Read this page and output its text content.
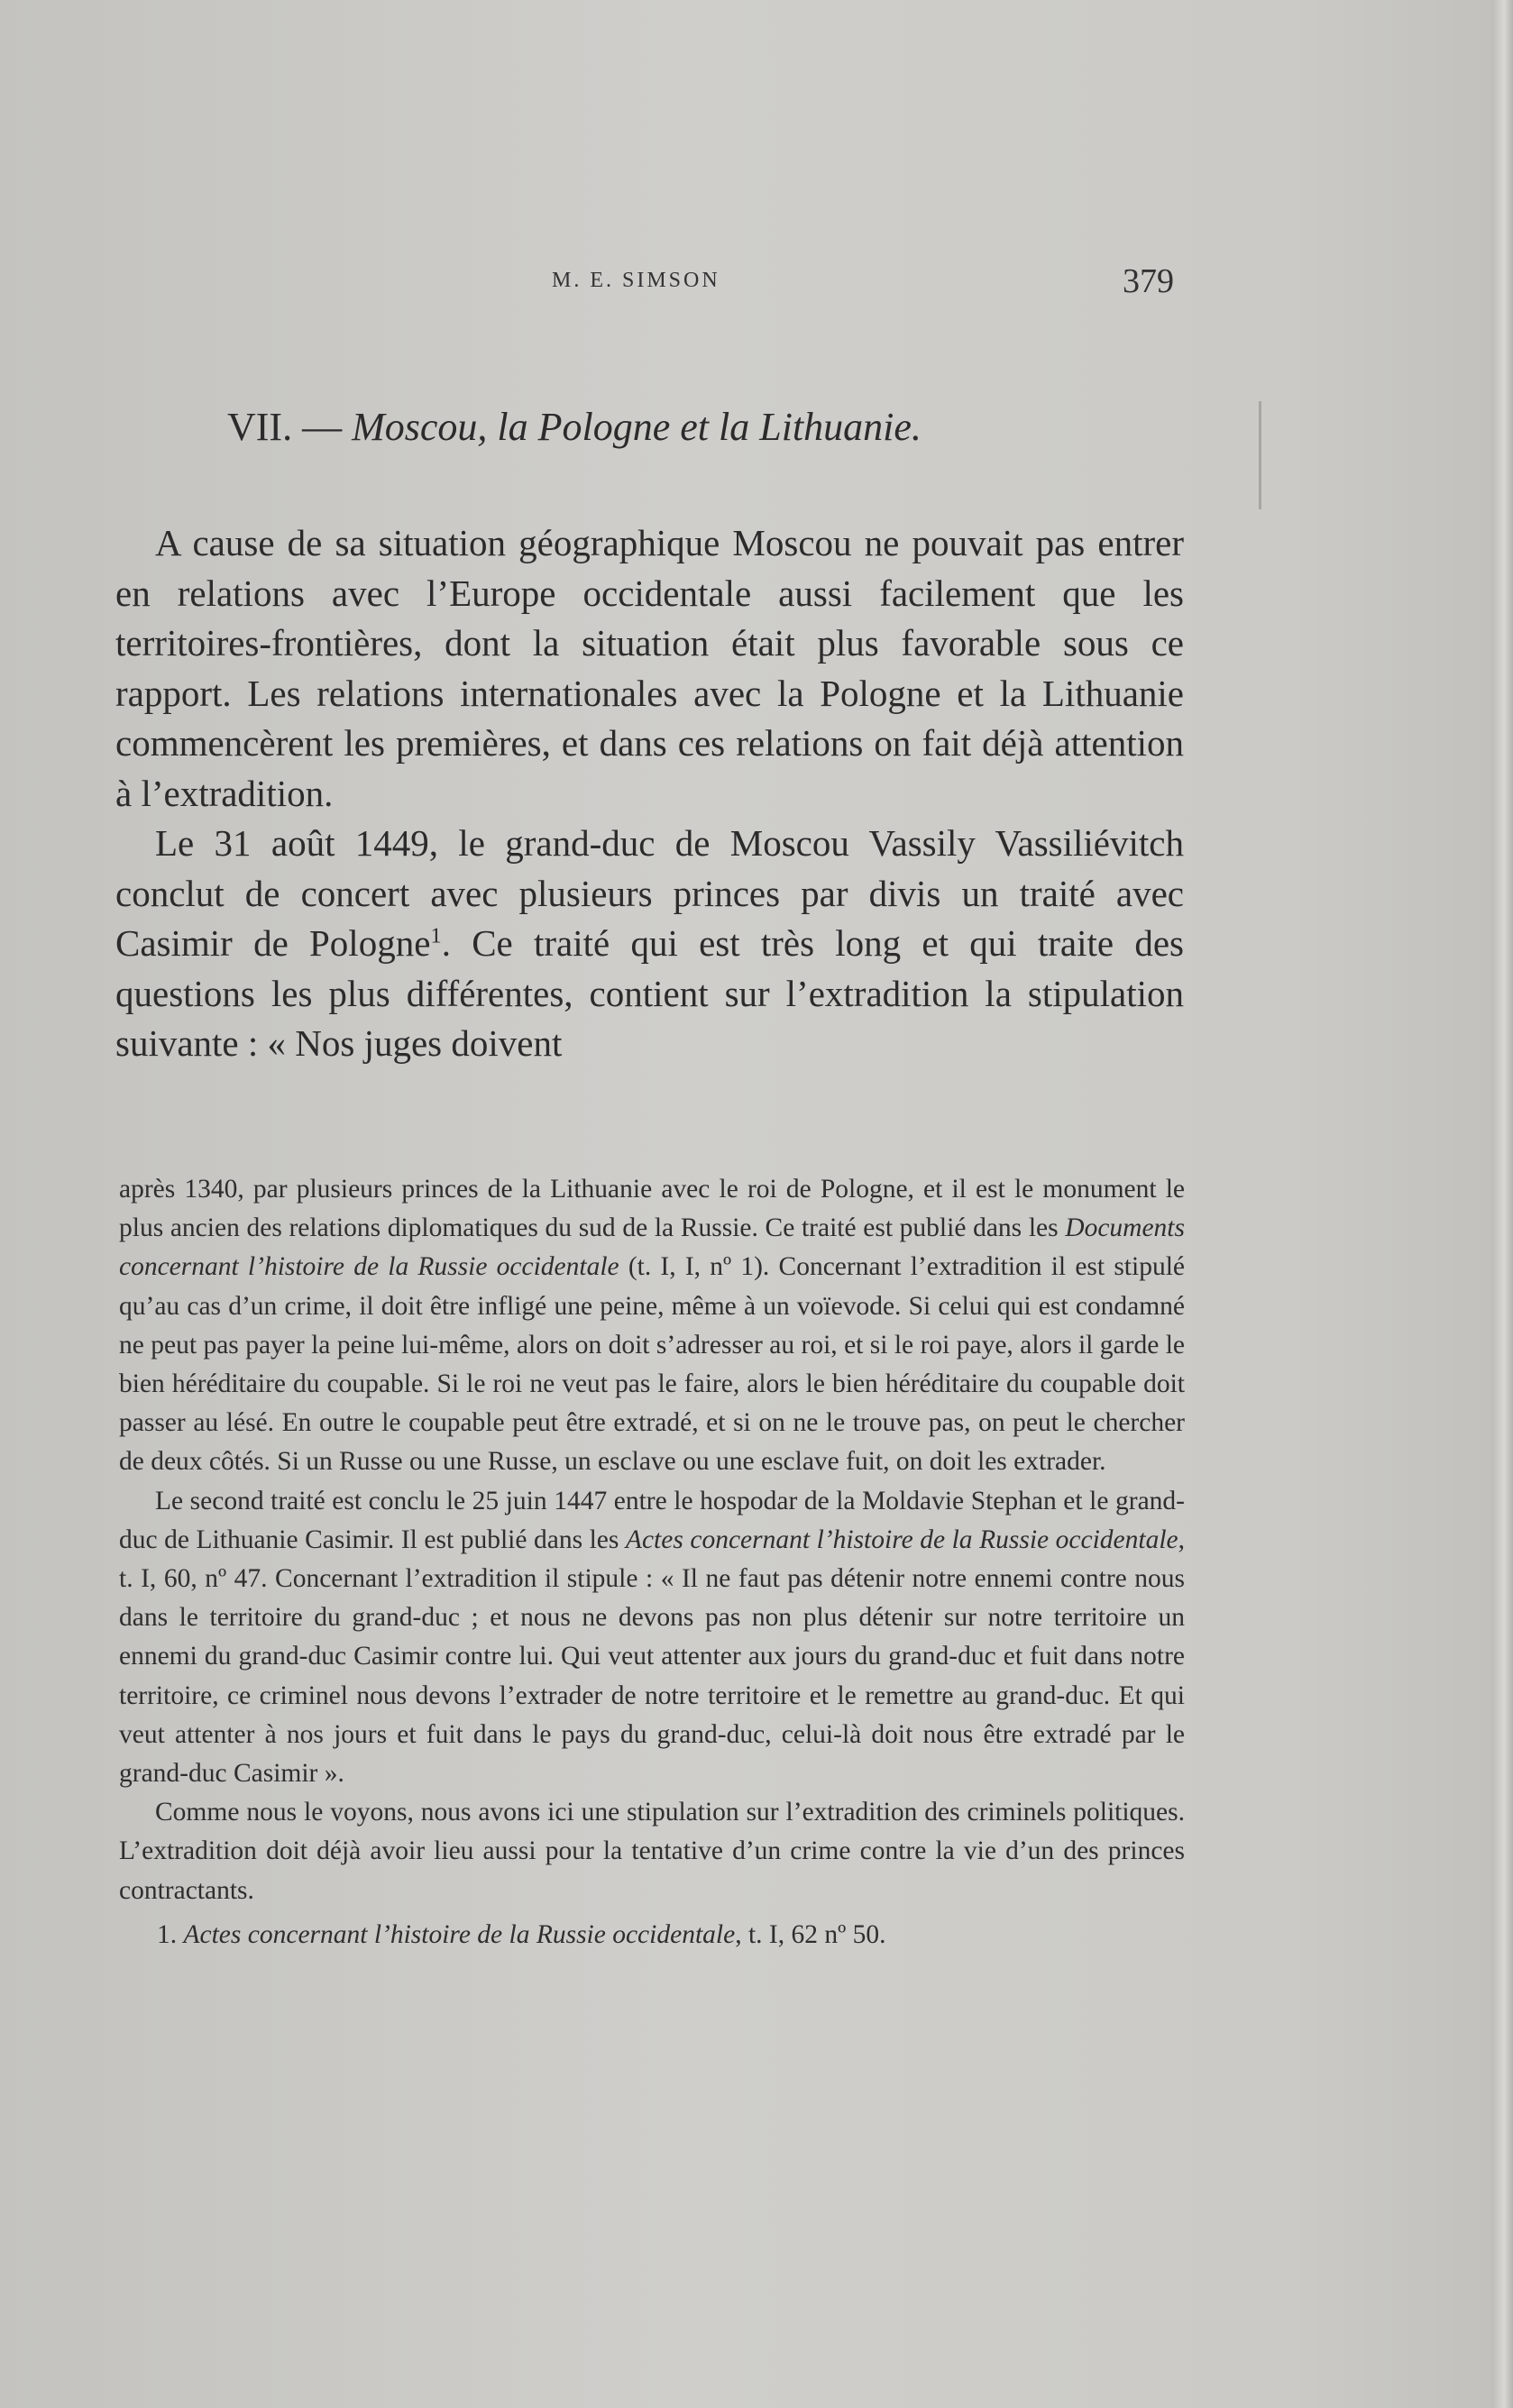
M. E. SIMSON	379
VII. — Moscou, la Pologne et la Lithuanie.

A cause de sa situation géographique Moscou ne pouvait pas entrer en relations avec l’Europe occidentale aussi facilement que les territoires-frontières, dont la situation était plus favorable sous ce rapport. Les relations internationales avec la Pologne et la Lithuanie commencèrent les premières, et dans ces relations on fait déjà attention à l’extradition.

Le 31 août 1449, le grand-duc de Moscou Vassily Vassiliévitch conclut de concert avec plusieurs princes par divis un traité avec Casimir de Pologne$^1$. Ce traité qui est très long et qui traite des questions les plus différentes, contient sur l’extradition la stipulation suivante : « Nos juges doivent

après 1340, par plusieurs princes de la Lithuanie avec le roi de Pologne, et il est le monument le plus ancien des relations diplomatiques du sud de la Russie. Ce traité est publié dans les Documents concernant l’histoire de la Russie occidentale (t. I, I, nº 1). Concernant l’extradition il est stipulé qu’au cas d’un crime, il doit être infligé une peine, même à un voïevode. Si celui qui est condamné ne peut pas payer la peine lui-même, alors on doit s’adresser au roi, et si le roi paye, alors il garde le bien héréditaire du coupable. Si le roi ne veut pas le faire, alors le bien héréditaire du coupable doit passer au lésé. En outre le coupable peut être extradé, et si on ne le trouve pas, on peut le chercher de deux côtés. Si un Russe ou une Russe, un esclave ou une esclave fuit, on doit les extrader.

Le second traité est conclu le 25 juin 1447 entre le hospodar de la Moldavie Stephan et le grand-duc de Lithuanie Casimir. Il est publié dans les Actes concernant l’histoire de la Russie occidentale, t. I, 60, nº 47. Concernant l’extradition il stipule : « Il ne faut pas détenir notre ennemi contre nous dans le territoire du grand-duc ; et nous ne devons pas non plus détenir sur notre territoire un ennemi du grand-duc Casimir contre lui. Qui veut attenter aux jours du grand-duc et fuit dans notre territoire, ce criminel nous devons l’extrader de notre territoire et le remettre au grand-duc. Et qui veut attenter à nos jours et fuit dans le pays du grand-duc, celui-là doit nous être extradé par le grand-duc Casimir ».

Comme nous le voyons, nous avons ici une stipulation sur l’extradition des criminels politiques. L’extradition doit déjà avoir lieu aussi pour la tentative d’un crime contre la vie d’un des princes contractants.

1. Actes concernant l’histoire de la Russie occidentale, t. I, 62 nº 50.
